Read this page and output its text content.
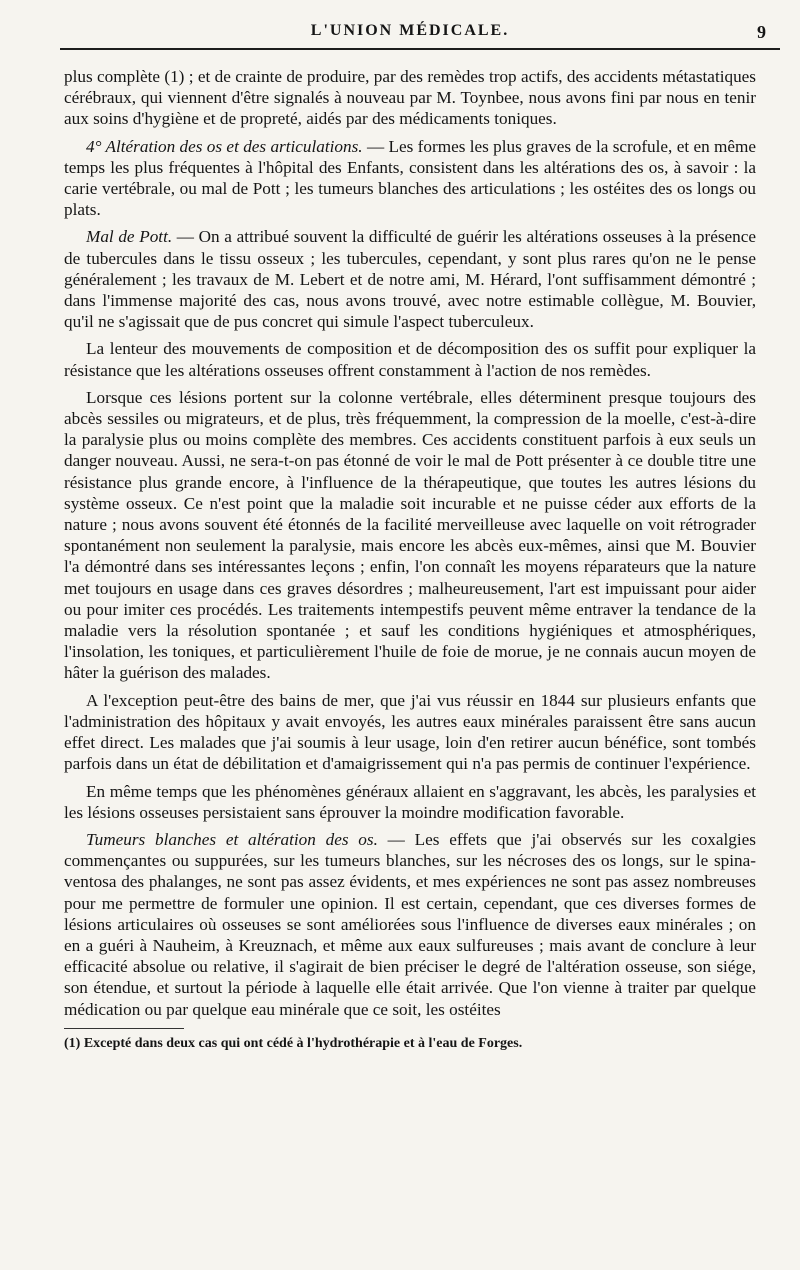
L'UNION MÉDICALE.	9

plus complète (1) ; et de crainte de produire, par des remèdes trop actifs, des accidents métastatiques cérébraux, qui viennent d'être signalés à nouveau par M. Toynbee, nous avons fini par nous en tenir aux soins d'hygiène et de propreté, aidés par des médicaments toniques.

4° Altération des os et des articulations. — Les formes les plus graves de la scrofule, et en même temps les plus fréquentes à l'hôpital des Enfants, consistent dans les altérations des os, à savoir : la carie vertébrale, ou mal de Pott ; les tumeurs blanches des articulations ; les ostéites des os longs ou plats.

Mal de Pott. — On a attribué souvent la difficulté de guérir les altérations osseuses à la présence de tubercules dans le tissu osseux ; les tubercules, cependant, y sont plus rares qu'on ne le pense généralement ; les travaux de M. Lebert et de notre ami, M. Hérard, l'ont suffisamment démontré ; dans l'immense majorité des cas, nous avons trouvé, avec notre estimable collègue, M. Bouvier, qu'il ne s'agissait que de pus concret qui simule l'aspect tuberculeux.

La lenteur des mouvements de composition et de décomposition des os suffit pour expliquer la résistance que les altérations osseuses offrent constamment à l'action de nos remèdes.

Lorsque ces lésions portent sur la colonne vertébrale, elles déterminent presque toujours des abcès sessiles ou migrateurs, et de plus, très fréquemment, la compression de la moelle, c'est-à-dire la paralysie plus ou moins complète des membres. Ces accidents constituent parfois à eux seuls un danger nouveau. Aussi, ne sera-t-on pas étonné de voir le mal de Pott présenter à ce double titre une résistance plus grande encore, à l'influence de la thérapeutique, que toutes les autres lésions du système osseux. Ce n'est point que la maladie soit incurable et ne puisse céder aux efforts de la nature ; nous avons souvent été étonnés de la facilité merveilleuse avec laquelle on voit rétrograder spontanément non seulement la paralysie, mais encore les abcès eux-mêmes, ainsi que M. Bouvier l'a démontré dans ses intéressantes leçons ; enfin, l'on connaît les moyens réparateurs que la nature met toujours en usage dans ces graves désordres ; malheureusement, l'art est impuissant pour aider ou pour imiter ces procédés. Les traitements intempestifs peuvent même entraver la tendance de la maladie vers la résolution spontanée ; et sauf les conditions hygiéniques et atmosphériques, l'insolation, les toniques, et particulièrement l'huile de foie de morue, je ne connais aucun moyen de hâter la guérison des malades.

A l'exception peut-être des bains de mer, que j'ai vus réussir en 1844 sur plusieurs enfants que l'administration des hôpitaux y avait envoyés, les autres eaux minérales paraissent être sans aucun effet direct. Les malades que j'ai soumis à leur usage, loin d'en retirer aucun bénéfice, sont tombés parfois dans un état de débilitation et d'amaigrissement qui n'a pas permis de continuer l'expérience.

En même temps que les phénomènes généraux allaient en s'aggravant, les abcès, les paralysies et les lésions osseuses persistaient sans éprouver la moindre modification favorable.

Tumeurs blanches et altération des os. — Les effets que j'ai observés sur les coxalgies commençantes ou suppurées, sur les tumeurs blanches, sur les nécroses des os longs, sur le spina-ventosa des phalanges, ne sont pas assez évidents, et mes expériences ne sont pas assez nombreuses pour me permettre de formuler une opinion. Il est certain, cependant, que ces diverses formes de lésions articulaires où osseuses se sont améliorées sous l'influence de diverses eaux minérales ; on en a guéri à Nauheim, à Kreuznach, et même aux eaux sulfureuses ; mais avant de conclure à leur efficacité absolue ou relative, il s'agirait de bien préciser le degré de l'altération osseuse, son siége, son étendue, et surtout la période à laquelle elle était arrivée. Que l'on vienne à traiter par quelque médication ou par quelque eau minérale que ce soit, les ostéites

(1) Excepté dans deux cas qui ont cédé à l'hydrothérapie et à l'eau de Forges.
